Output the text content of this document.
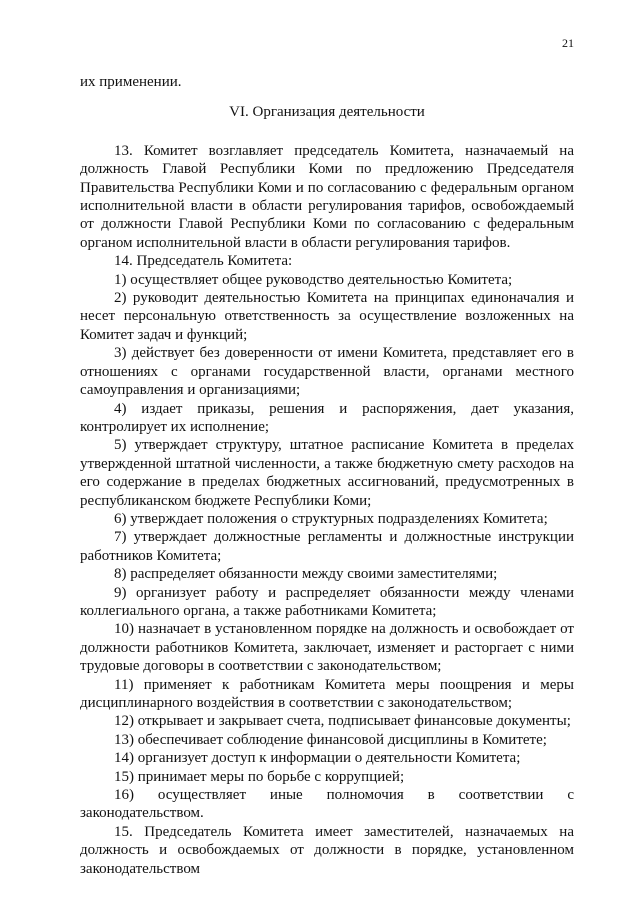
21

их применении.

VI. Организация деятельности

13. Комитет возглавляет председатель Комитета, назначаемый на должность Главой Республики Коми по предложению Председателя Правительства Республики Коми и по согласованию с федеральным органом исполнительной власти в области регулирования тарифов, освобождаемый от должности Главой Республики Коми по согласованию с федеральным органом исполнительной власти в области регулирования тарифов.

14. Председатель Комитета:

1) осуществляет общее руководство деятельностью Комитета;

2) руководит деятельностью Комитета на принципах единоначалия и несет персональную ответственность за осуществление возложенных на Комитет задач и функций;

3) действует без доверенности от имени Комитета, представляет его в отношениях с органами государственной власти, органами местного самоуправления и организациями;

4) издает приказы, решения и распоряжения, дает указания, контролирует их исполнение;

5) утверждает структуру, штатное расписание Комитета в пределах утвержденной штатной численности, а также бюджетную смету расходов на его содержание в пределах бюджетных ассигнований, предусмотренных в республиканском бюджете Республики Коми;

6) утверждает положения о структурных подразделениях Комитета;

7) утверждает должностные регламенты и должностные инструкции работников Комитета;

8) распределяет обязанности между своими заместителями;

9) организует работу и распределяет обязанности между членами коллегиального органа, а также работниками Комитета;

10) назначает в установленном порядке на должность и освобождает от должности работников Комитета, заключает, изменяет и расторгает с ними трудовые договоры в соответствии с законодательством;

11) применяет к работникам Комитета меры поощрения и меры дисциплинарного воздействия в соответствии с законодательством;

12) открывает и закрывает счета, подписывает финансовые документы;

13) обеспечивает соблюдение финансовой дисциплины в Комитете;

14) организует доступ к информации о деятельности Комитета;

15) принимает меры по борьбе с коррупцией;

16) осуществляет иные полномочия в соответствии с законодательством.

15. Председатель Комитета имеет заместителей, назначаемых на должность и освобождаемых от должности в порядке, установленном законодательством
